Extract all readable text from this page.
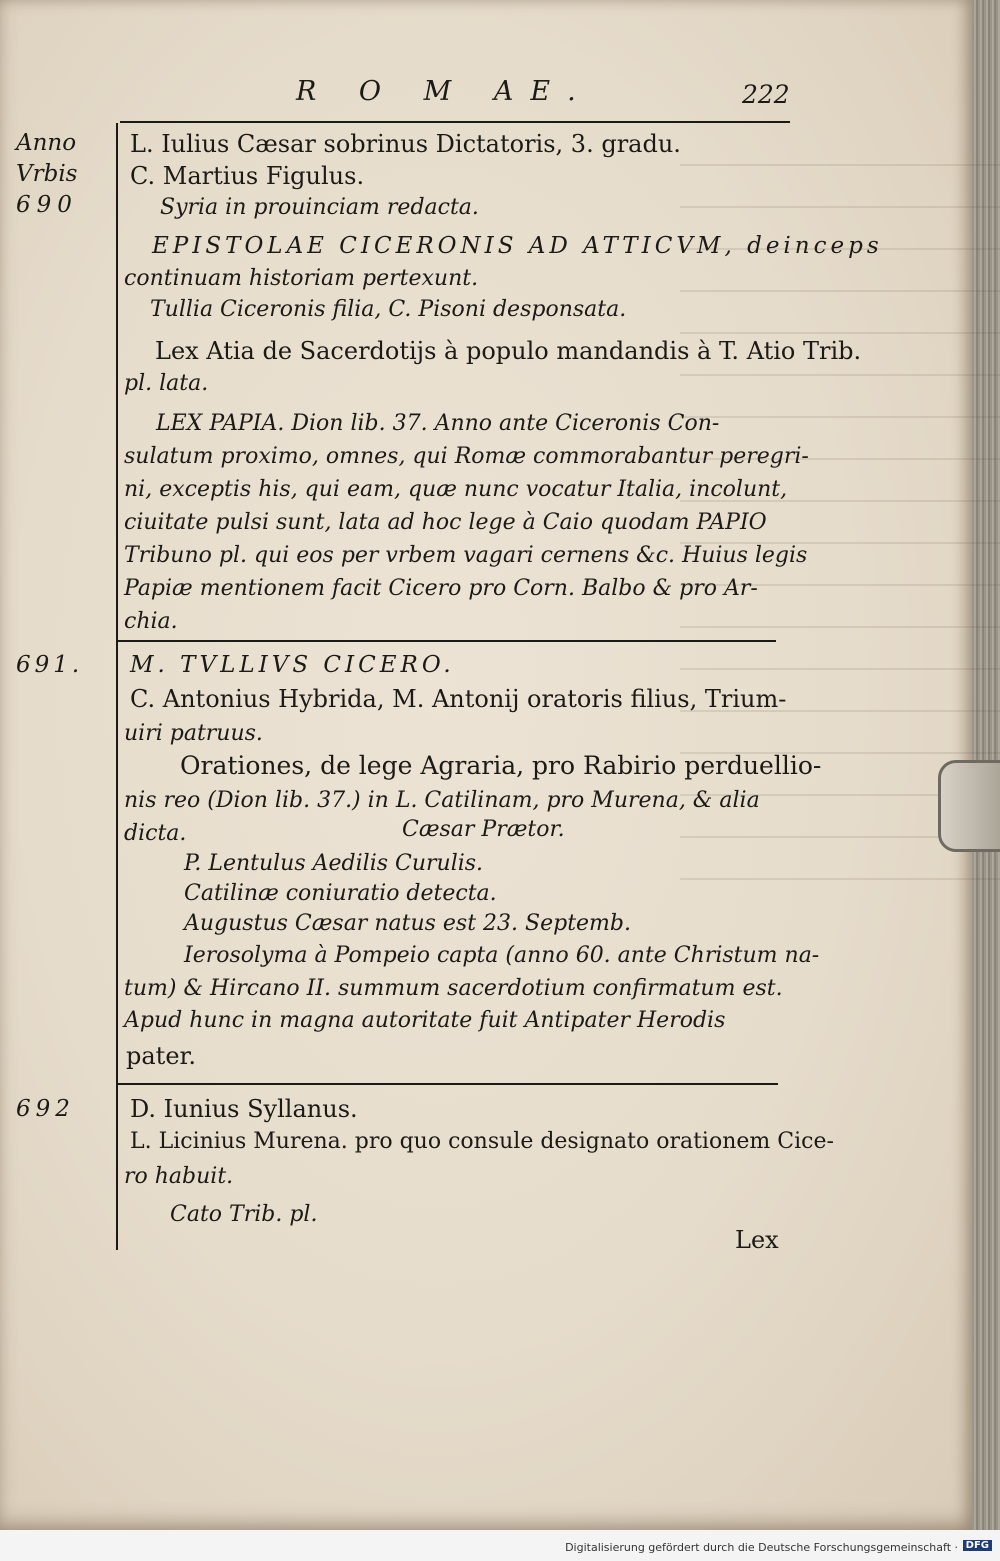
R O M AE.	222
Anno
Vrbis
690
691.
692
L. Iulius Cæsar sobrinus Dictatoris, 3. gradu.
C. Martius Figulus.
Syria in prouinciam redacta.
EPISTOLAE CICERONIS AD ATTICVM, deinceps
continuam historiam pertexunt.
Tullia Ciceronis filia, C. Pisoni desponsata.
Lex Atia de Sacerdotijs à populo mandandis à T. Atio Trib.
pl. lata.
LEX PAPIA. Dion lib. 37. Anno ante Ciceronis Con-
sulatum proximo, omnes, qui Romæ commorabantur peregri-
ni, exceptis his, qui eam, quæ nunc vocatur Italia, incolunt,
ciuitate pulsi sunt, lata ad hoc lege à Caio quodam PAPIO
Tribuno pl. qui eos per vrbem vagari cernens &c. Huius legis
Papiæ mentionem facit Cicero pro Corn. Balbo & pro Ar-
chia.
M. TVLLIVS CICERO.
C. Antonius Hybrida, M. Antonij oratoris filius, Trium-
uiri patruus.
Orationes, de lege Agraria, pro Rabirio perduellio-
nis reo (Dion lib. 37.) in L. Catilinam, pro Murena, & alia
dicta.	Cæsar Prætor.
P. Lentulus Aedilis Curulis.
Catilinæ coniuratio detecta.
Augustus Cæsar natus est 23. Septemb.
Ierosolyma à Pompeio capta (anno 60. ante Christum na-
tum) & Hircano II. summum sacerdotium confirmatum est.
Apud hunc in magna autoritate fuit Antipater Herodis
pater.
D. Iunius Syllanus.
L. Licinius Murena. pro quo consule designato orationem Cice-
ro habuit.
Cato Trib. pl.
Lex
Digitalisierung gefördert durch die Deutsche Forschungsgemeinschaft · DFG
